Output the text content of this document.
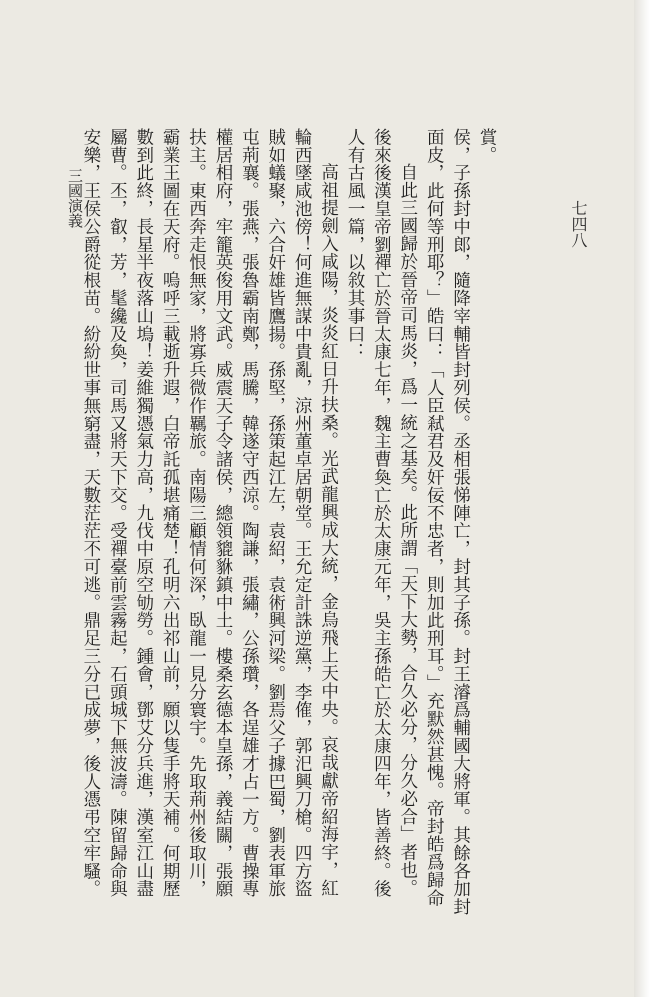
三國演義

賞。

侯，子孫封中郎，隨降宰輔皆封列侯。丞相張悌陣亡，封其子孫。封王濬爲輔國大將軍。其餘各加封

面皮，此何等刑耶？」皓曰：「人臣弒君及奸佞不忠者，則加此刑耳。」充默然甚愧。帝封皓爲歸命

自此三國歸於晉帝司馬炎，爲一統之基矣。此所謂「天下大勢，合久必分，分久必合」者也。

後來後漢皇帝劉禪亡於晉太康七年，魏主曹奐亡於太康元年，吳主孫皓亡於太康四年，皆善終。後

人有古風一篇，以敘其事曰：

高祖提劍入咸陽，炎炎紅日升扶桑。光武龍興成大統，金烏飛上天中央。哀哉獻帝紹海宇，紅

輪西墜咸池傍！何進無謀中貴亂，涼州董卓居朝堂。王允定計誅逆黨，李傕，郭汜興刀槍。四方盜

賊如蟻聚，六合奸雄皆鷹揚。孫堅，孫策起江左，袁紹，袁術興河梁。劉焉父子據巴蜀，劉表軍旅

屯荊襄。張燕，張魯霸南鄭，馬騰，韓遂守西涼。陶謙，張繡，公孫瓚，各逞雄才占一方。曹操專

權居相府，牢籠英俊用文武。威震天子令諸侯，總領貔貅鎮中土。樓桑玄德本皇孫，義結關，張願

扶主。東西奔走恨無家，將寡兵微作羈旅。南陽三顧情何深，臥龍一見分寰宇。先取荊州後取川，

霸業王圖在天府。嗚呼三載逝升遐，白帝託孤堪痛楚！孔明六出祁山前，願以隻手將天補。何期歷

數到此終，長星半夜落山塢！姜維獨憑氣力高，九伐中原空劬勞。鍾會，鄧艾分兵進，漢室江山盡

屬曹。丕，叡，芳，髦纔及奐，司馬又將天下交。受禪臺前雲霧起，石頭城下無波濤。陳留歸命與

安樂，王侯公爵從根苗。紛紛世事無窮盡，天數茫茫不可逃。鼎足三分已成夢，後人憑弔空牢騷。	七四八
